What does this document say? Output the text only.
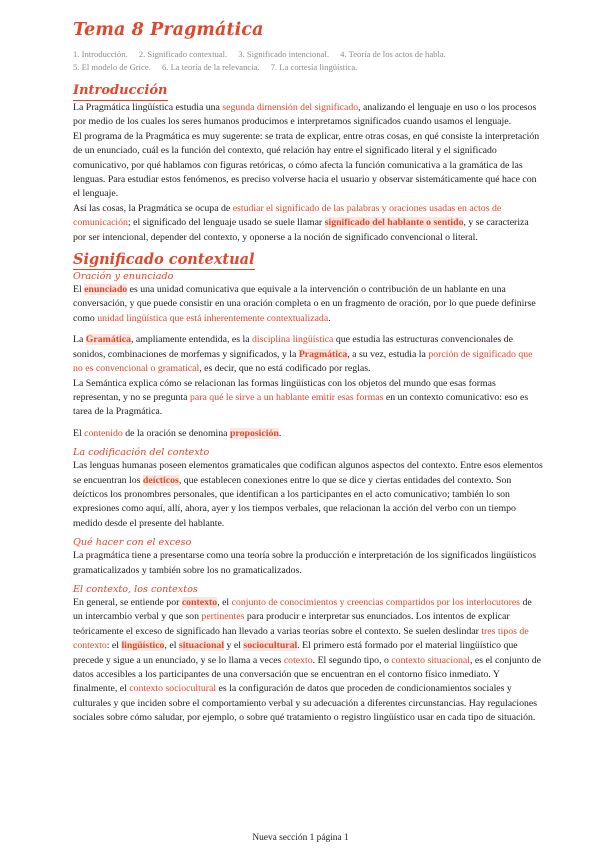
Tema 8 Pragmática
1. Introducción. 2. Significado contextual. 3. Significado intencional. 4. Teoría de los actos de habla.
5. El modelo de Grice. 6. La teoría de la relevancia. 7. La cortesía lingüística.
Introducción

La Pragmática lingüística estudia una segunda dimensión del significado, analizando el lenguaje en uso o los procesos por medio de los cuales los seres humanos producimos e interpretamos significados cuando usamos el lenguaje.

El programa de la Pragmática es muy sugerente: se trata de explicar, entre otras cosas, en qué consiste la interpretación de un enunciado, cuál es la función del contexto, qué relación hay entre el significado literal y el significado comunicativo, por qué hablamos con figuras retóricas, o cómo afecta la función comunicativa a la gramática de las lenguas. Para estudiar estos fenómenos, es preciso volverse hacia el usuario y observar sistemáticamente qué hace con el lenguaje.

Así las cosas, la Pragmática se ocupa de estudiar el significado de las palabras y oraciones usadas en actos de comunicación; el significado del lenguaje usado se suele llamar significado del hablante o sentido, y se caracteriza por ser intencional, depender del contexto, y oponerse a la noción de significado convencional o literal.

Significado contextual
Oración y enunciado

El enunciado es una unidad comunicativa que equivale a la intervención o contribución de un hablante en una conversación, y que puede consistir en una oración completa o en un fragmento de oración, por lo que puede definirse como unidad lingüística que está inherentemente contextualizada.

La Gramática, ampliamente entendida, es la disciplina lingüística que estudia las estructuras convencionales de sonidos, combinaciones de morfemas y significados, y la Pragmática, a su vez, estudia la porción de significado que no es convencional o gramatical, es decir, que no está codificado por reglas.

La Semántica explica cómo se relacionan las formas lingüísticas con los objetos del mundo que esas formas representan, y no se pregunta para qué le sirve a un hablante emitir esas formas en un contexto comunicativo: eso es tarea de la Pragmática.

El contenido de la oración se denomina proposición.

La codificación del contexto

Las lenguas humanas poseen elementos gramaticales que codifican algunos aspectos del contexto. Entre esos elementos se encuentran los deícticos, que establecen conexiones entre lo que se dice y ciertas entidades del contexto. Son deícticos los pronombres personales, que identifican a los participantes en el acto comunicativo; también lo son expresiones como aquí, allí, ahora, ayer y los tiempos verbales, que relacionan la acción del verbo con un tiempo medido desde el presente del hablante.

Qué hacer con el exceso

La pragmática tiene a presentarse como una teoría sobre la producción e interpretación de los significados lingüísticos gramaticalizados y también sobre los no gramaticalizados.

El contexto, los contextos

En general, se entiende por contexto, el conjunto de conocimientos y creencias compartidos por los interlocutores de un intercambio verbal y que son pertinentes para producir e interpretar sus enunciados. Los intentos de explicar teóricamente el exceso de significado han llevado a varias teorías sobre el contexto. Se suelen deslindar tres tipos de contexto: el lingüístico, el situacional y el sociocultural. El primero está formado por el material lingüístico que precede y sigue a un enunciado, y se lo llama a veces cotexto. El segundo tipo, o contexto situacional, es el conjunto de datos accesibles a los participantes de una conversación que se encuentran en el contorno físico inmediato. Y finalmente, el contexto sociocultural es la configuración de datos que proceden de condicionamientos sociales y culturales y que inciden sobre el comportamiento verbal y su adecuación a diferentes circunstancias. Hay regulaciones sociales sobre cómo saludar, por ejemplo, o sobre qué tratamiento o registro lingüístico usar en cada tipo de situación.

Nueva sección 1 página 1
